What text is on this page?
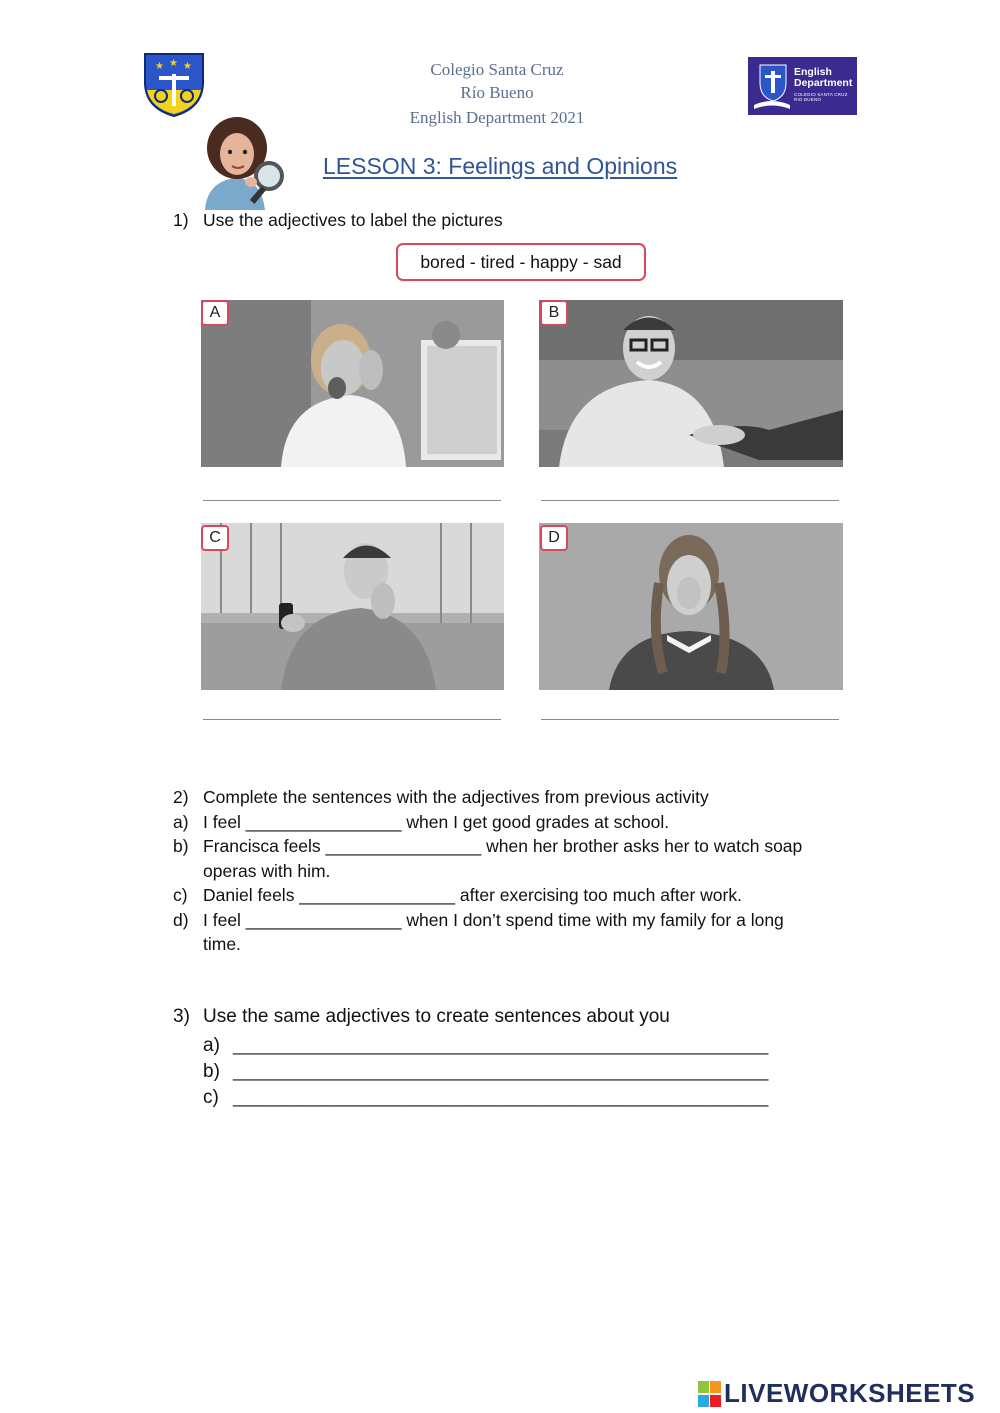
★ ★ ★	Colegio Santa Cruz
Río Bueno
English Department 2021
English Department
COLEGIO SANTA CRUZ RIO BUENO
LESSON 3: Feelings and Opinions
1) Use the adjectives to label the pictures
bored - tired - happy - sad
A	B
C	D
2) Complete the sentences with the adjectives from previous activity
a) I feel ________________ when I get good grades at school.
b) Francisca feels ________________ when her brother asks her to watch soap
operas with him.
c) Daniel feels ________________ after exercising too much after work.
d) I feel ________________ when I don’t spend time with my family for a long
time.
3) Use the same adjectives to create sentences about you
a) _______________________________________________________
b) _______________________________________________________
c) _______________________________________________________
LIVEWORKSHEETS
